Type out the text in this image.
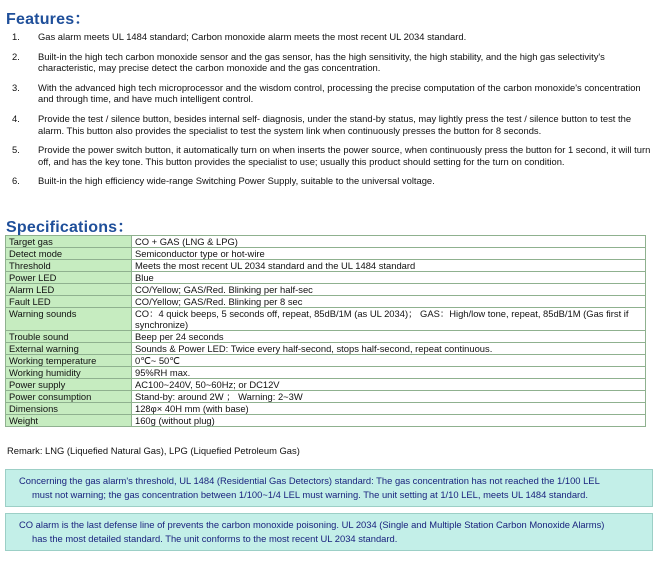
Features：
1. Gas alarm meets UL 1484 standard; Carbon monoxide alarm meets the most recent UL 2034 standard.
2. Built-in the high tech carbon monoxide sensor and the gas sensor, has the high sensitivity, the high stability, and the high gas selectivity's characteristic, may precise detect the carbon monoxide and the gas concentration.
3. With the advanced high tech microprocessor and the wisdom control, processing the precise computation of the carbon monoxide's concentration and through time, and have much intelligent control.
4. Provide the test / silence button, besides internal self- diagnosis, under the stand-by status, may lightly press the test / silence button to test the alarm. This button also provides the specialist to test the system link when continuously presses the button for 8 seconds.
5. Provide the power switch button, it automatically turn on when inserts the power source, when continuously press the button for 1 second, it will turn off, and has the key tone. This button provides the specialist to use; usually this product should setting for the turn on condition.
6. Built-in the high efficiency wide-range Switching Power Supply, suitable to the universal voltage.
Specifications：
Target gas	CO + GAS (LNG & LPG)
Detect mode	Semiconductor type or hot-wire
Threshold	Meets the most recent UL 2034 standard and the UL 1484 standard
Power LED	Blue
Alarm LED	CO/Yellow; GAS/Red. Blinking per half-sec
Fault LED	CO/Yellow; GAS/Red. Blinking per 8 sec
Warning sounds	CO：4 quick beeps, 5 seconds off, repeat, 85dB/1M (as UL 2034)； GAS：High/low tone, repeat, 85dB/1M (Gas first if synchronize)
Trouble sound	Beep per 24 seconds
External warning	Sounds & Power LED: Twice every half-second, stops half-second, repeat continuous.
Working temperature	0℃~ 50℃
Working humidity	95%RH max.
Power supply	AC100~240V, 50~60Hz; or DC12V
Power consumption	Stand-by: around 2W ； Warning: 2~3W
Dimensions	128φ× 40H mm (with base)
Weight	160g (without plug)
Remark: LNG (Liquefied Natural Gas), LPG (Liquefied Petroleum Gas)
Concerning the gas alarm's threshold, UL 1484 (Residential Gas Detectors) standard: The gas concentration has not reached the 1/100 LEL
must not warning; the gas concentration between 1/100~1/4 LEL must warning. The unit setting at 1/10 LEL, meets UL 1484 standard.
CO alarm is the last defense line of prevents the carbon monoxide poisoning. UL 2034 (Single and Multiple Station Carbon Monoxide Alarms)
has the most detailed standard. The unit conforms to the most recent UL 2034 standard.
